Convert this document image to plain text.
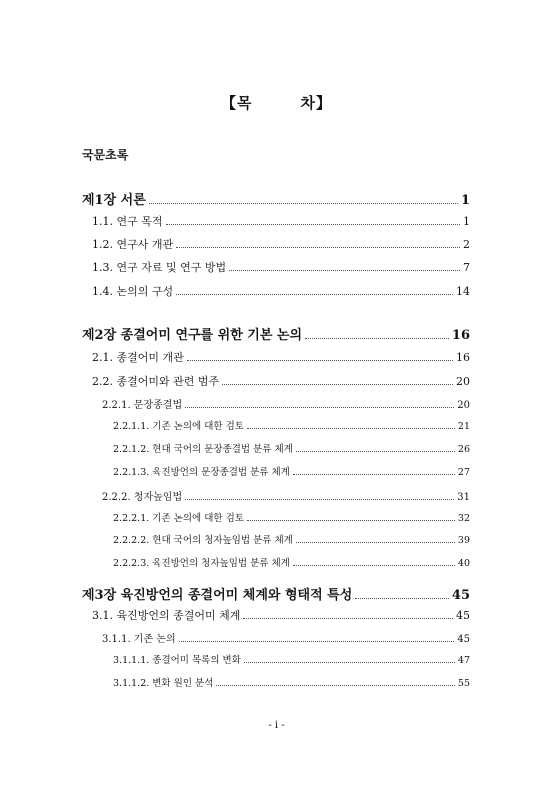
【목	차】
국문초록
제1장 서론	1
1.1. 연구 목적	1
1.2. 연구사 개관	2
1.3. 연구 자료 및 연구 방법	7
1.4. 논의의 구성	14
제2장 종결어미 연구를 위한 기본 논의	16
2.1. 종결어미 개관	16
2.2. 종결어미와 관련 범주	20
2.2.1. 문장종결법	20
2.2.1.1. 기존 논의에 대한 검토	21
2.2.1.2. 현대 국어의 문장종결법 분류 체계	26
2.2.1.3. 육진방언의 문장종결법 분류 체계	27
2.2.2. 청자높임법	31
2.2.2.1. 기존 논의에 대한 검토	32
2.2.2.2. 현대 국어의 청자높임법 분류 체계	39
2.2.2.3. 육진방언의 청자높임법 분류 체계	40
제3장 육진방언의 종결어미 체계와 형태적 특성	45
3.1. 육진방언의 종결어미 체계	45
3.1.1. 기존 논의	45
3.1.1.1. 종결어미 목록의 변화	47
3.1.1.2. 변화 원인 분석	55
- i -
